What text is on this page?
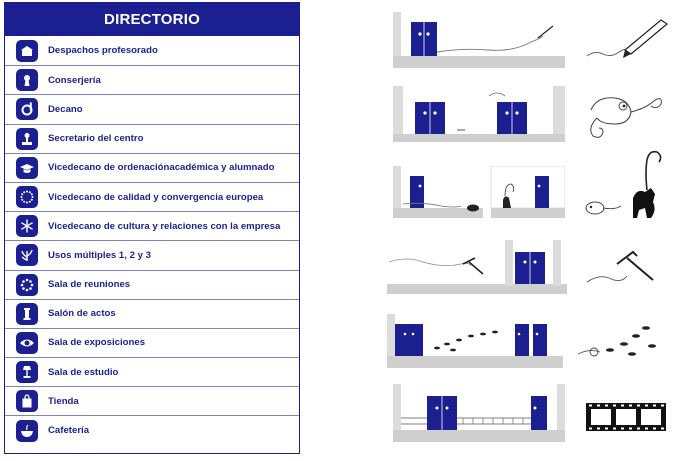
DIRECTORIO
Despachos profesorado
Conserjería
Decano
Secretario del centro
Vicedecano de ordenaciónacadémica y alumnado
Vicedecano de calidad y convergencia europea
Vicedecano de cultura y relaciones con la empresa
Usos múltiples 1, 2 y 3
Sala de reuniones
Salón de actos
Sala de exposiciones
Sala de estudio
Tienda
Cafetería
